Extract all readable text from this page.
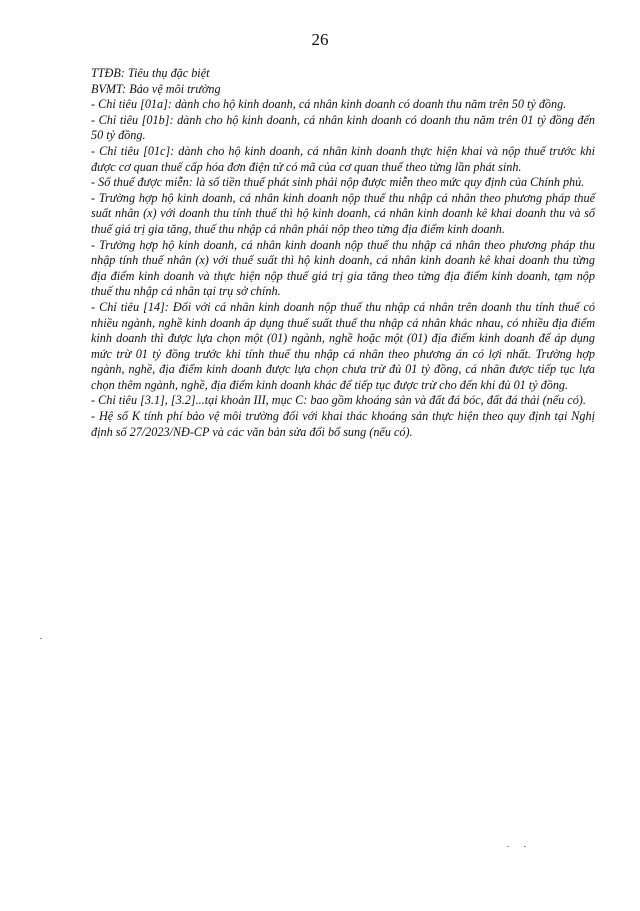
26

TTĐB: Tiêu thụ đặc biệt

BVMT: Bảo vệ môi trường

- Chỉ tiêu [01a]: dành cho hộ kinh doanh, cá nhân kinh doanh có doanh thu năm trên 50 tỷ đồng.

- Chỉ tiêu [01b]: dành cho hộ kinh doanh, cá nhân kinh doanh có doanh thu năm trên 01 tỷ đồng đến 50 tỷ đồng.

- Chỉ tiêu [01c]: dành cho hộ kinh doanh, cá nhân kinh doanh thực hiện khai và nộp thuế trước khi được cơ quan thuế cấp hóa đơn điện tử có mã của cơ quan thuế theo từng lần phát sinh.

- Số thuế được miễn: là số tiền thuế phát sinh phải nộp được miễn theo mức quy định của Chính phủ.

- Trường hợp hộ kinh doanh, cá nhân kinh doanh nộp thuế thu nhập cá nhân theo phương pháp thuế suất nhân (x) với doanh thu tính thuế thì hộ kinh doanh, cá nhân kinh doanh kê khai doanh thu và số thuế giá trị gia tăng, thuế thu nhập cá nhân phải nộp theo từng địa điểm kinh doanh.

- Trường hợp hộ kinh doanh, cá nhân kinh doanh nộp thuế thu nhập cá nhân theo phương pháp thu nhập tính thuế nhân (x) với thuế suất thì hộ kinh doanh, cá nhân kinh doanh kê khai doanh thu từng địa điểm kinh doanh và thực hiện nộp thuế giá trị gia tăng theo từng địa điểm kinh doanh, tạm nộp thuế thu nhập cá nhân tại trụ sở chính.

- Chỉ tiêu [14]: Đối với cá nhân kinh doanh nộp thuế thu nhập cá nhân trên doanh thu tính thuế có nhiều ngành, nghề kinh doanh áp dụng thuế suất thuế thu nhập cá nhân khác nhau, có nhiều địa điểm kinh doanh thì được lựa chọn một (01) ngành, nghề hoặc một (01) địa điểm kinh doanh để áp dụng mức trừ 01 tỷ đồng trước khi tính thuế thu nhập cá nhân theo phương án có lợi nhất. Trường hợp ngành, nghề, địa điểm kinh doanh được lựa chọn chưa trừ đủ 01 tỷ đồng, cá nhân được tiếp tục lựa chọn thêm ngành, nghề, địa điểm kinh doanh khác để tiếp tục được trừ cho đến khi đủ 01 tỷ đồng.

- Chỉ tiêu [3.1], [3.2]...tại khoản III, mục C: bao gồm khoáng sản và đất đá bóc, đất đá thải (nếu có).

- Hệ số K tính phí bảo vệ môi trường đối với khai thác khoáng sản thực hiện theo quy định tại Nghị định số 27/2023/NĐ-CP và các văn bản sửa đổi bổ sung (nếu có).
